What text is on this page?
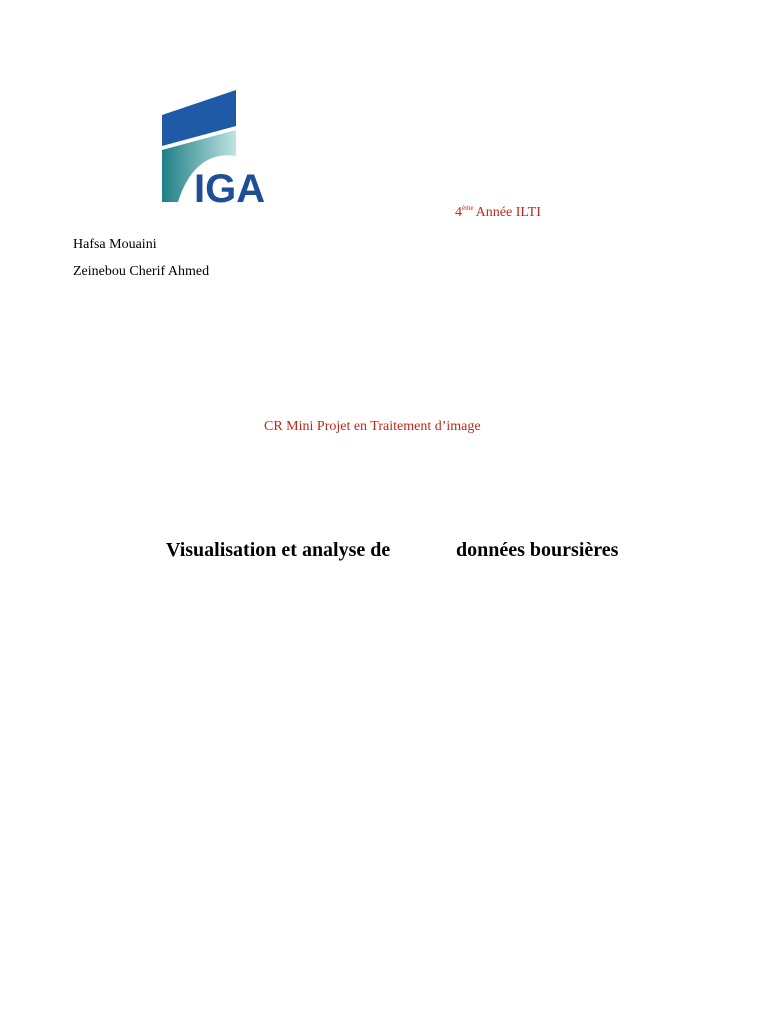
IGA
4ème Année ILTI
Hafsa Mouaini
Zeinebou Cherif Ahmed
CR Mini Projet en Traitement d’image
Visualisation et analyse de	données boursières
